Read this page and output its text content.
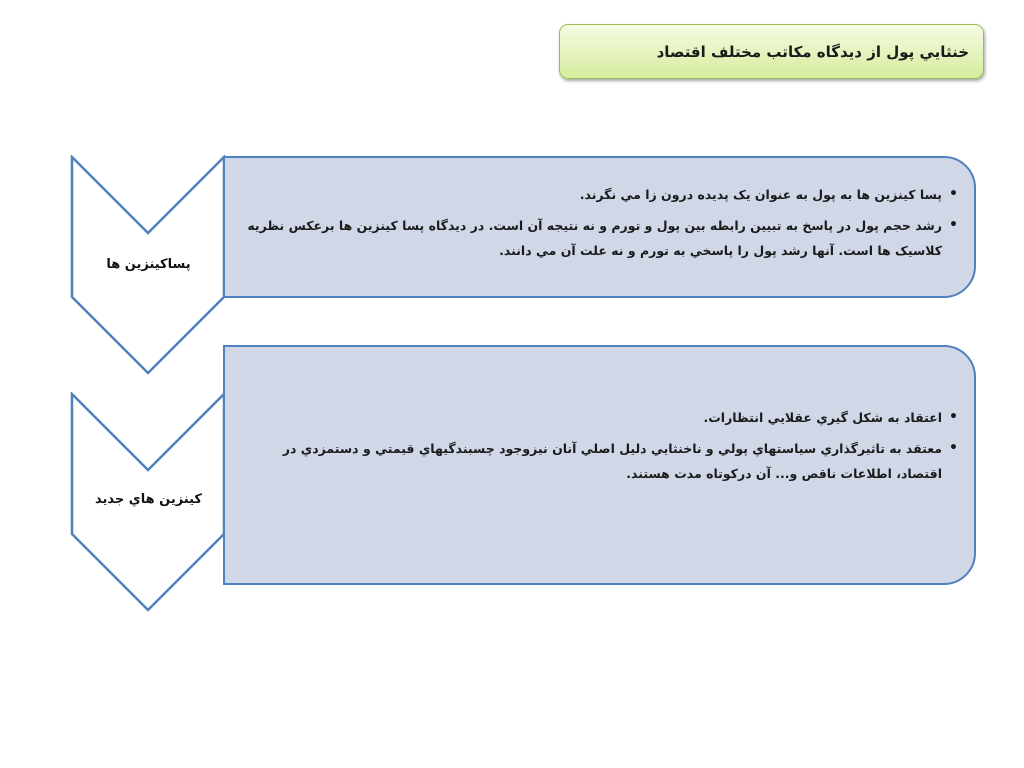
خنثايي پول از ديدگاه مکاتب مختلف اقتصاد
پساکينزين ها
• پسا کينزين ها به پول به عنوان يک پديده درون زا مي نگرند.
• رشد حجم پول در پاسخ به تبيين رابطه بين پول و تورم و نه نتيجه آن است. در ديدگاه پسا کينزين ها برعکس نظريه کلاسيک ها است. آنها رشد پول را پاسخي به تورم و نه علت آن مي دانند.
کينزين هاي جديد
• اعتقاد به شکل گيري عقلايي انتظارات.
• معتقد به تاثيرگذاري سياستهاي پولي و ناخنثايي دليل اصلي آنان نيزوجود چسبندگيهاي قيمتي و دستمزدي در اقتصاد، اطلاعات ناقص و... آن درکوتاه مدت هستند.
